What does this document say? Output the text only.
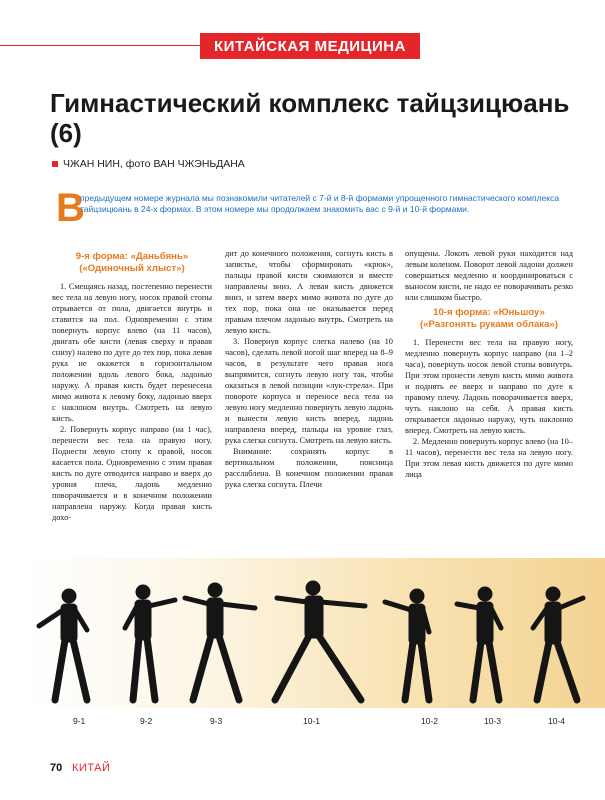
КИТАЙСКАЯ МЕДИЦИНА
Гимнастический комплекс тайцзицюань (6)
ЧЖАН НИН, фото ВАН ЧЖЭНЬДАНА
В

предыдущем номере журнала мы познакомили читателей с 7-й и 8-й формами упрощенного гимнастического комплекса тайцзицюань в 24-х формах. В этом номере мы продолжаем знакомить вас с 9-й и 10-й формами.

9-я форма: «Даньбянь» («Одиночный хлыст»)

1. Смещаясь назад, постепенно перенести вес тела на левую ногу, носок правой стопы отрывается от пола, двигается внутрь и ставится на пол. Одновременно с этим повернуть корпус влево (на 11 часов), двигать обе кисти (левая сверху и правая снизу) налево по дуге до тех пор, пока левая рука не окажется в горизонтальном положении вдоль левого бока, ладонью наружу. А правая кисть будет перенесена мимо живота к левому боку, ладонью вверх с наклоном внутрь. Смотреть на левую кисть.

2. Повернуть корпус направо (на 1 час), перенести вес тела на правую ногу. Поднести левую стопу к правой, носок касается пола. Одновременно с этим правая кисть по дуге отводится направо и вверх до уровня плеча, ладонь медленно поворачивается и в конечном положении направлена наружу. Когда правая кисть дохо-

дит до конечного положения, согнуть кисть в запястье, чтобы сформировать «крюк», пальцы правой кисти сжимаются и вместе направлены вниз. А левая кисть движется вниз, и затем вверх мимо живота по дуге до тех пор, пока она не оказывается перед правым плечом ладонью внутрь. Смотреть на левую кисть.

3. Повернув корпус слегка налево (на 10 часов), сделать левой ногой шаг вперед на 8–9 часов, в результате чего правая нога выпрямится, согнуть левую ногу так, чтобы оказаться в левой позиции «лук-стрела». При повороте корпуса и переносе веса тела на левую ногу медленно повернуть левую ладонь и вынести левую кисть вперед, ладонь направлена вперед, пальцы на уровне глаз, рука слегка согнута. Смотреть на левую кисть.

Внимание: сохранять корпус в вертикальном положении, поясница расслаблена. В конечном положении правая рука слегка согнута. Плечи

опущены. Локоть левой руки находится над левым коленом. Поворот левой ладони должен совершаться медленно и координироваться с выносом кисти, не надо ее поворачивать резко или слишком быстро.

10-я форма: «Юньшоу» («Разгонять руками облака»)

1. Перенести вес тела на правую ногу, медленно повернуть корпус направо (на 1–2 часа), повернуть носок левой стопы вовнутрь. При этом пронести левую кисть мимо живота и поднять ее вверх и направо по дуге к правому плечу. Ладонь поворачивается вверх, чуть наклоно на себя. А правая кисть открывается ладонью наружу, чуть наклонно вперед. Смотреть на левую кисть.

2. Медленно повернуть корпус влево (на 10–11 часов), перенести вес тела на левую ногу. При этом левая кисть движется по дуге мимо лица

9-1	9-2	9-3	10-1	10-2	10-3	10-4
70 КИТАЙ
